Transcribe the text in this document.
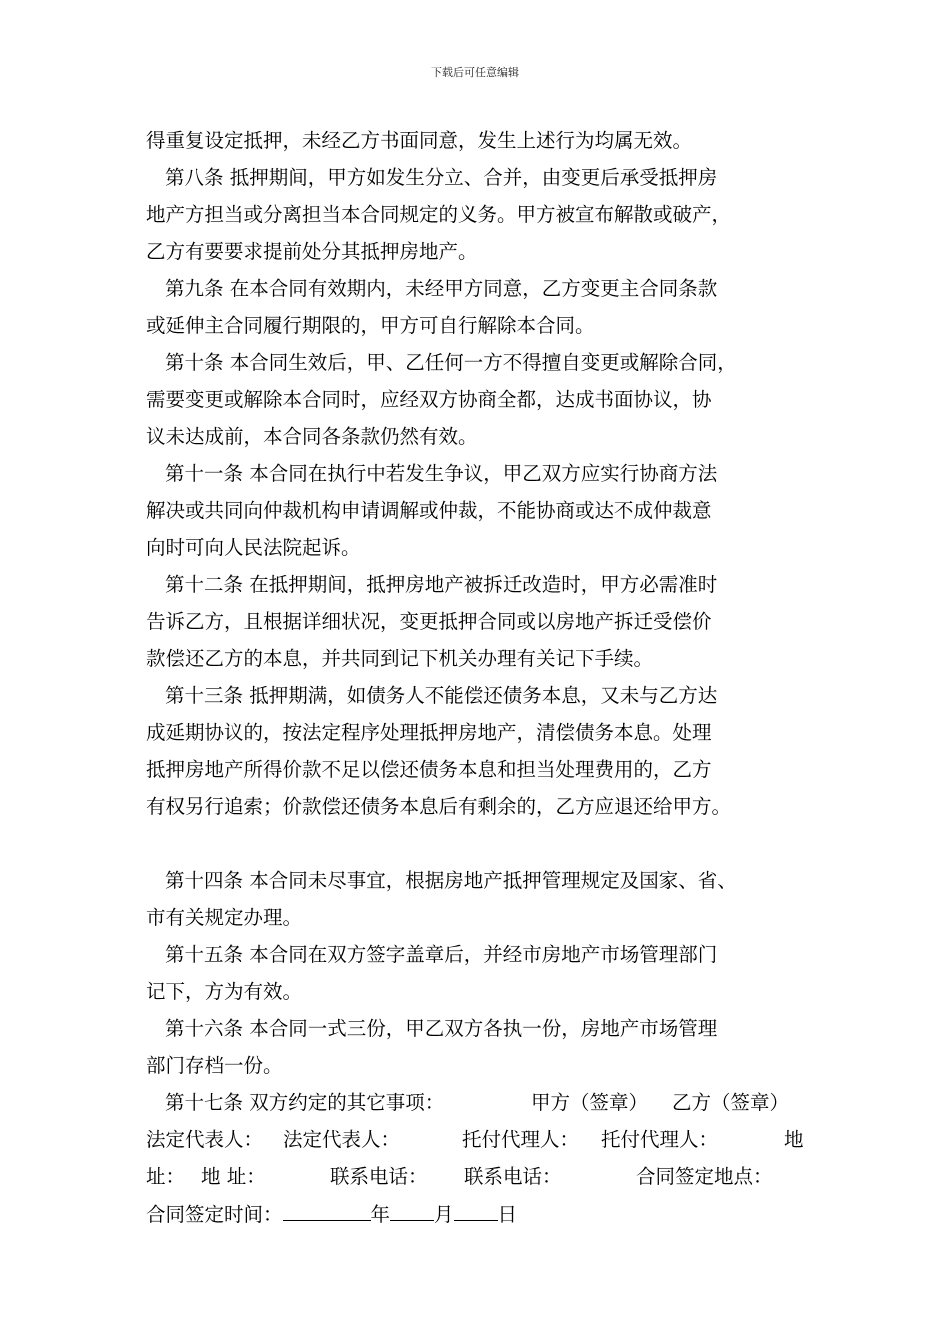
下载后可任意编辑
得重复设定抵押，未经乙方书面同意，发生上述行为均属无效。
第八条 抵押期间，甲方如发生分立、合并，由变更后承受抵押房
地产方担当或分离担当本合同规定的义务。甲方被宣布解散或破产，
乙方有要要求提前处分其抵押房地产。
第九条 在本合同有效期内，未经甲方同意，乙方变更主合同条款
或延伸主合同履行期限的，甲方可自行解除本合同。
第十条 本合同生效后，甲、乙任何一方不得擅自变更或解除合同，
需要变更或解除本合同时，应经双方协商全都，达成书面协议，协
议未达成前，本合同各条款仍然有效。
第十一条 本合同在执行中若发生争议，甲乙双方应实行协商方法
解决或共同向仲裁机构申请调解或仲裁，不能协商或达不成仲裁意
向时可向人民法院起诉。
第十二条 在抵押期间，抵押房地产被拆迁改造时，甲方必需准时
告诉乙方，且根据详细状况，变更抵押合同或以房地产拆迁受偿价
款偿还乙方的本息，并共同到记下机关办理有关记下手续。
第十三条 抵押期满，如债务人不能偿还债务本息，又未与乙方达
成延期协议的，按法定程序处理抵押房地产，清偿债务本息。处理
抵押房地产所得价款不足以偿还债务本息和担当处理费用的，乙方
有权另行追索；价款偿还债务本息后有剩余的，乙方应退还给甲方。
第十四条 本合同未尽事宜，根据房地产抵押管理规定及国家、省、
市有关规定办理。
第十五条 本合同在双方签字盖章后，并经市房地产市场管理部门
记下，方为有效。
第十六条 本合同一式三份，甲乙双方各执一份，房地产市场管理
部门存档一份。
第十七条 双方约定的其它事项：	甲方（签章） 乙方（签章）
法定代表人： 法定代表人：	托付代理人： 托付代理人：	地
址： 地 址：	联系电话： 联系电话：	合同签定地点：
合同签定时间：	年 月 日
